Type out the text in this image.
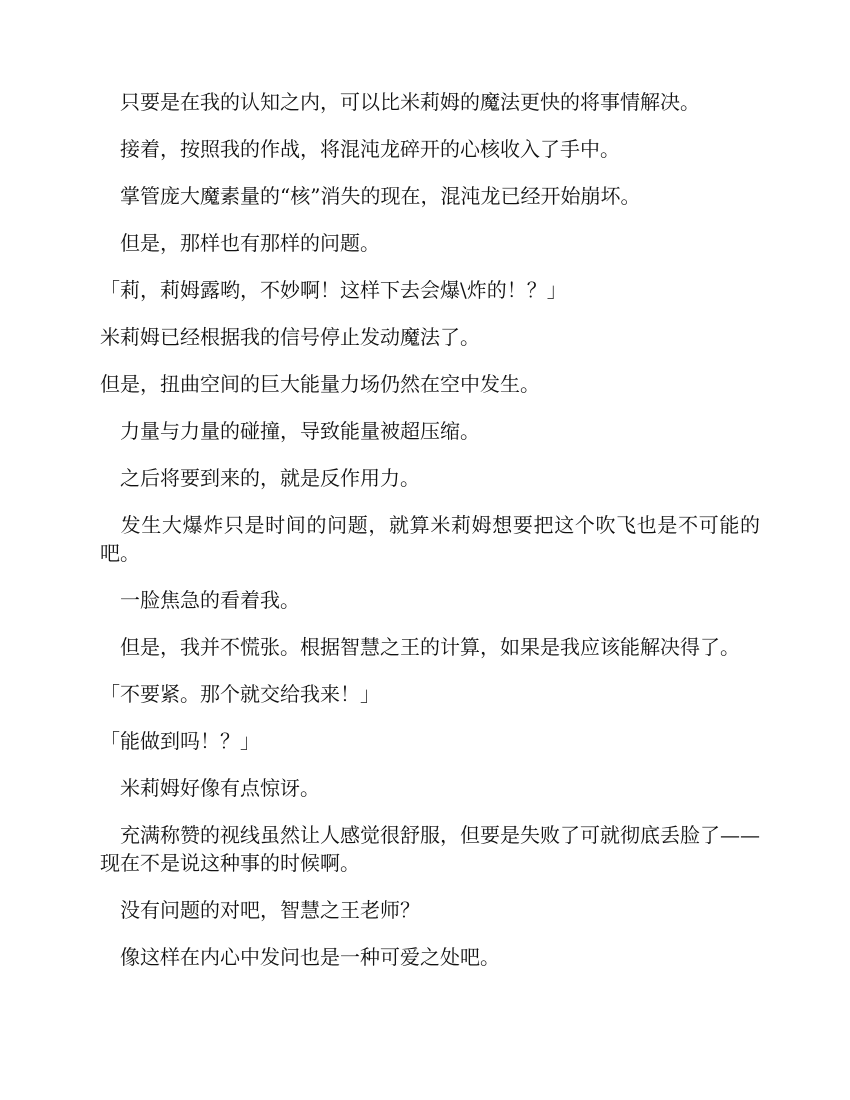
　只要是在我的认知之内，可以比米莉姆的魔法更快的将事情解决。

　接着，按照我的作战，将混沌龙碎开的心核收入了手中。

　掌管庞大魔素量的“核”消失的现在，混沌龙已经开始崩坏。

　但是，那样也有那样的问题。

「莉，莉姆露哟，不妙啊！这样下去会爆\炸的！？」

米莉姆已经根据我的信号停止发动魔法了。

但是，扭曲空间的巨大能量力场仍然在空中发生。

　力量与力量的碰撞，导致能量被超压缩。

　之后将要到来的，就是反作用力。

　发生大爆炸只是时间的问题，就算米莉姆想要把这个吹飞也是不可能的吧。

　一脸焦急的看着我。

　但是，我并不慌张。根据智慧之王的计算，如果是我应该能解决得了。

「不要紧。那个就交给我来！」

「能做到吗！？」

　米莉姆好像有点惊讶。

　充满称赞的视线虽然让人感觉很舒服，但要是失败了可就彻底丢脸了——现在不是说这种事的时候啊。

　没有问题的对吧，智慧之王老师？

　像这样在内心中发问也是一种可爱之处吧。
